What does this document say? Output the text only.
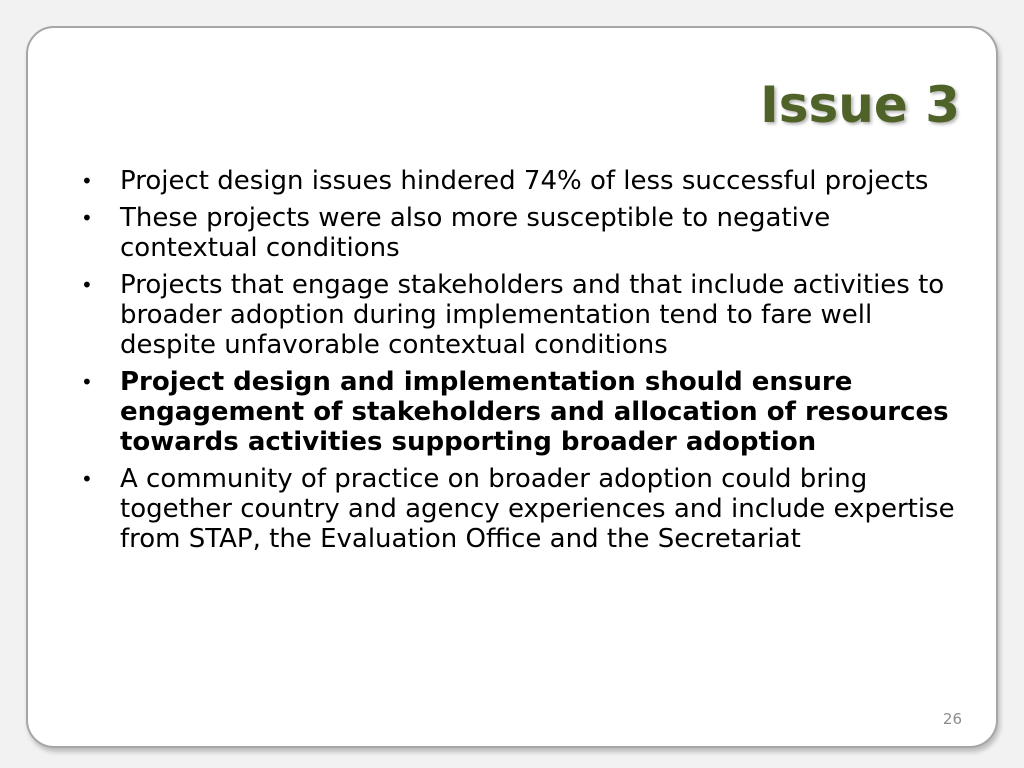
Issue 3
• Project design issues hindered 74% of less successful projects
• These projects were also more susceptible to negative contextual conditions
• Projects that engage stakeholders and that include activities to broader adoption during implementation tend to fare well despite unfavorable contextual conditions
• Project design and implementation should ensure engagement of stakeholders and allocation of resources towards activities supporting broader adoption
• A community of practice on broader adoption could bring together country and agency experiences and include expertise from STAP, the Evaluation Office and the Secretariat
26
